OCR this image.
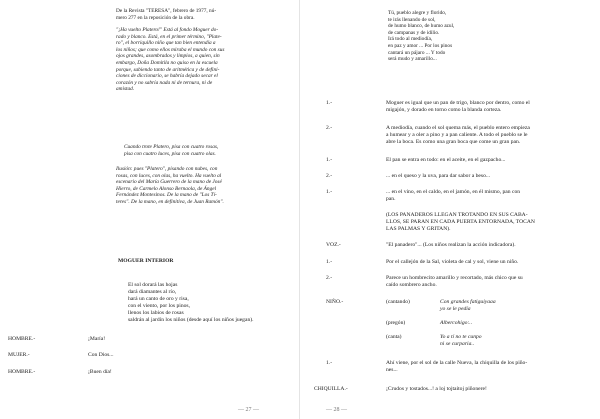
De la Revista "TERESA", febrero de 1977, nú-
mero 277 en la reposición de la obra.
"¡Ha vuelto Platero!" Está al fondo Moguer do-
rado y blanco. Está, en el primer término, "Plate-
ro", el borriquillo niño que tan bien entendía a
los niños; que como ellos miraba el mundo con sus
ojos grandes, asombrados y limpios, a quien, sin
embargo, Doña Domitila no quiso en la escuela
porque, sabiendo tanto de aritmética y de defini-
ciones de diccionario, se habría dejado secar el
corazón y no sabría nada ni de ternura, ni de
amistad.
Cuando trote Platero, pisa con cuatro rosas,
pisa con cuatro luces, pisa con cuatro olas.
Ilusión: pues "Platero", pisando con nubes, con
rosas, con luces, con olas, ha vuelto. Ha vuelto al
escenario del María Guerrero de la mano de José
Hierro, de Carmelo Alonso Bernaola, de Ángel
Fernández Montesinos. De la mano de "Los Tí-
teres". De la mano, en definitiva, de Juan Ramón".
MOGUER INTERIOR
El sol dorará las hojas
dará diamantes al río,
hará un canto de oro y risa,
con el viento, por los pinos,
llenos los labios de rosas
saldrán al jardín los niños (desde aquí los niños juegan).
HOMBRE.-	¡María!
MUJER.-	Con Dios...
HOMBRE.-	¡Buen día!
— 27 —
Tú, pueblo alegre y florido,
te irás llenando de sol,
de humo blanco, de humo azul,
de campanas y de idilio.
Irá todo al mediodía,
en paz y amor ... Por los pinos
cantará un pájaro ... Y todo
será mudo y amarillo...
1.-	Moguer es igual que un pan de trigo, blanco por dentro, como el
migajón, y dorado en torno como la blanda corteza.
2.-	A mediodía, cuando el sol quema más, el pueblo entero empieza
a humear y a oler a pino y a pan caliente. A todo el pueblo se le
abre la boca. Es como una gran boca que come un gran pan.
1.-	El pan se entra en todo: en el aceite, en el gazpacho...
2.-	... en el queso y la uva, para dar sabor a beso...
1.-	... en el vino, en el caldo, en el jamón, en él mismo, pan con
pan.
(LOS PANADEROS LLEGAN TROTANDO EN SUS CABA-
LLOS, SE PARAN EN CADA PUERTA ENTORNADA, TOCAN
LAS PALMAS Y GRITAN).
VOZ.-	"El panadero"... (Los niños realizan la acción indicadora).
1.-	Por el callejón de la Sal, violeta de cal y sol, viene un niño.
2.-	Parece un hombrecito amarillo y recortado, más chico que su
caído sombrero ancho.
NIÑO.-	(cantando)	Con grandes fatiguiyaaa
yo se le pedía
(pregón)	Albercohigo:..
(canta)	Yo a tí no te cunpo
ni se curparia..
1.-	Ahí viene, por el sol de la calle Nueva, la chiquilla de los piño-
nes...
CHIQUILLA.-	¡Crudos y tostados...! a loj tojtaitoj piñonere!
— 28 —
